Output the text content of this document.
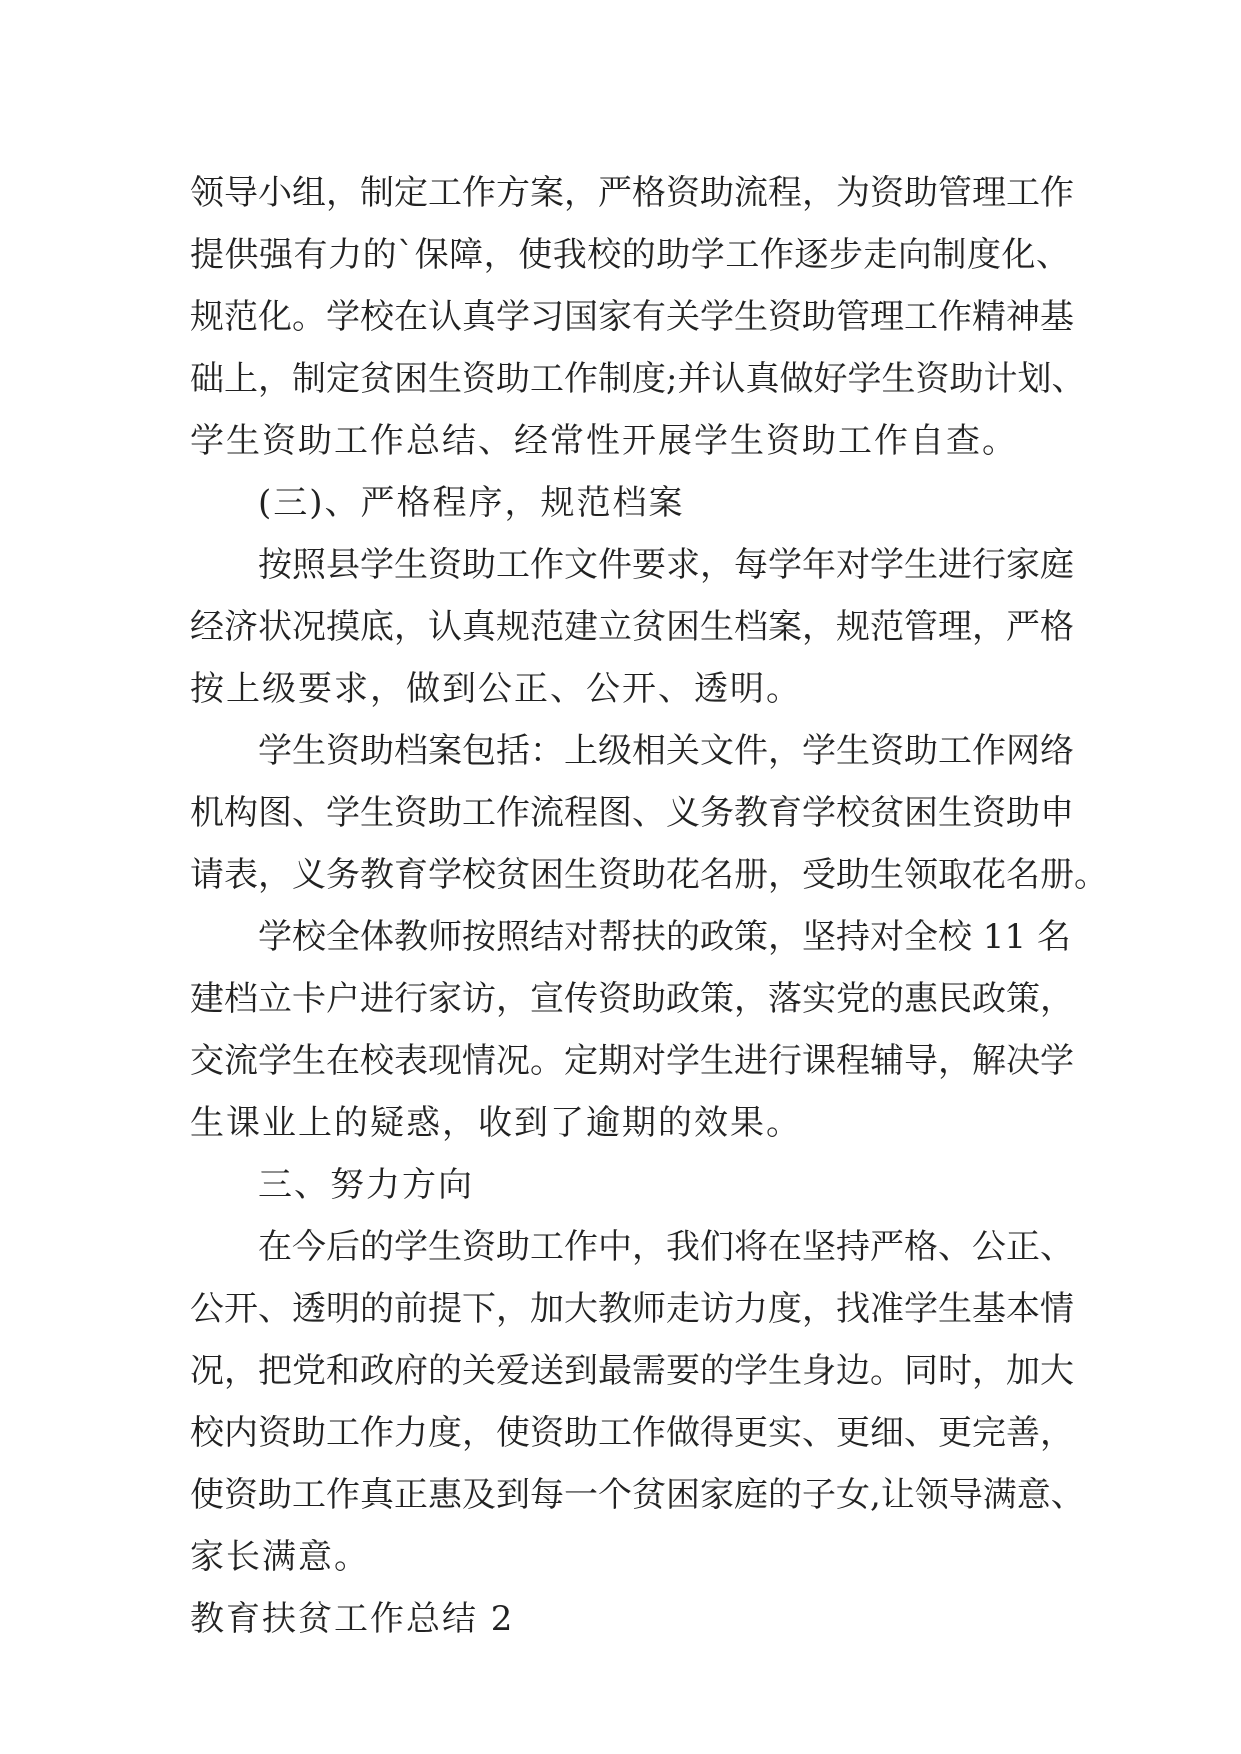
领导小组，制定工作方案，严格资助流程，为资助管理工作
提供强有力的`保障，使我校的助学工作逐步走向制度化、
规范化。学校在认真学习国家有关学生资助管理工作精神基
础上，制定贫困生资助工作制度;并认真做好学生资助计划、
学生资助工作总结、经常性开展学生资助工作自查。
(三)、严格程序，规范档案
按照县学生资助工作文件要求，每学年对学生进行家庭
经济状况摸底，认真规范建立贫困生档案，规范管理，严格
按上级要求，做到公正、公开、透明。
学生资助档案包括：上级相关文件，学生资助工作网络
机构图、学生资助工作流程图、义务教育学校贫困生资助申
请表，义务教育学校贫困生资助花名册，受助生领取花名册。
学校全体教师按照结对帮扶的政策，坚持对全校 11 名
建档立卡户进行家访，宣传资助政策，落实党的惠民政策，
交流学生在校表现情况。定期对学生进行课程辅导，解决学
生课业上的疑惑，收到了逾期的效果。
三、努力方向
在今后的学生资助工作中，我们将在坚持严格、公正、
公开、透明的前提下，加大教师走访力度，找准学生基本情
况，把党和政府的关爱送到最需要的学生身边。同时，加大
校内资助工作力度，使资助工作做得更实、更细、更完善，
使资助工作真正惠及到每一个贫困家庭的子女,让领导满意、
家长满意。
教育扶贫工作总结 2
